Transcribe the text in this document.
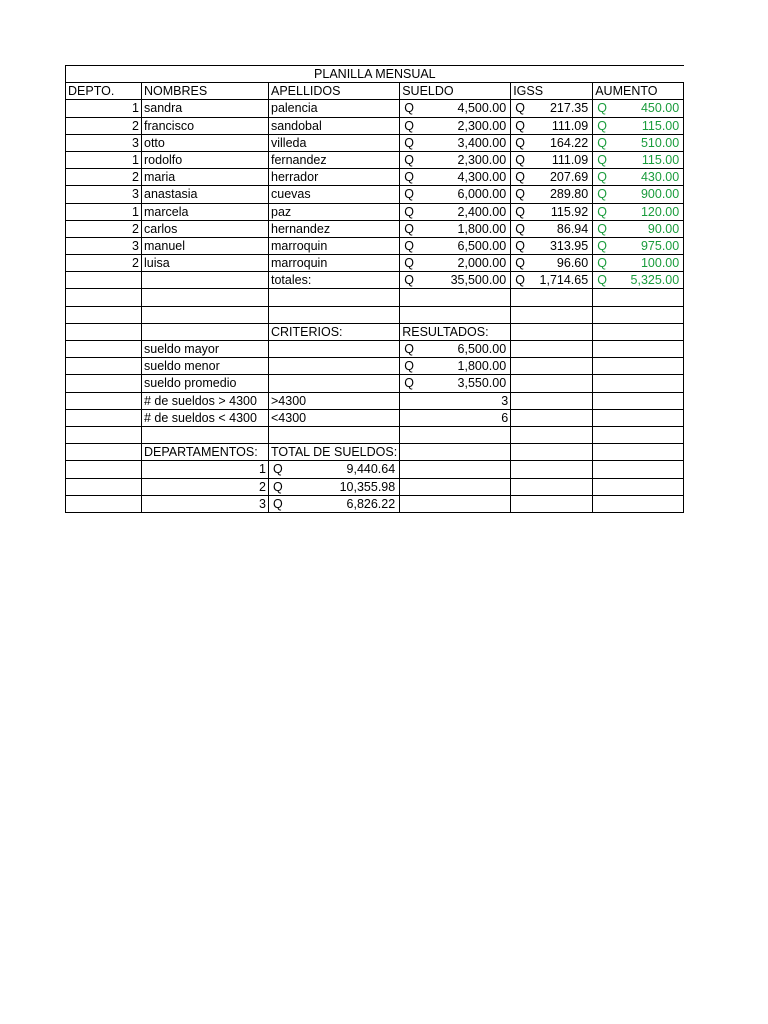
PLANILLA MENSUAL					
DEPTO.	NOMBRES	APELLIDOS	SUELDO	IGSS	AUMENTO
1	sandra	palencia	Q 4,500.00	Q 217.35	Q 450.00

2	francisco	sandobal	Q 2,300.00	Q 111.09	Q 115.00

3	otto	villeda	Q 3,400.00	Q 164.22	Q 510.00

1	rodolfo	fernandez	Q 2,300.00	Q 111.09	Q 115.00

2	maria	herrador	Q 4,300.00	Q 207.69	Q 430.00

3	anastasia	cuevas	Q 6,000.00	Q 289.80	Q 900.00

1	marcela	paz	Q 2,400.00	Q 115.92	Q 120.00

2	carlos	hernandez	Q 1,800.00	Q 86.94	Q 90.00

3	manuel	marroquin	Q 6,500.00	Q 313.95	Q 975.00

2	luisa	marroquin	Q 2,000.00	Q 96.60	Q 100.00

		totales:	Q 35,500.00	Q 1,714.65	Q 5,325.00

		CRITERIOS:	RESULTADOS:		
	sueldo mayor		Q 6,500.00		

	sueldo menor		Q 1,800.00		

	sueldo promedio		Q 3,550.00		

	# de sueldos > 4300	>4300	3		
	# de sueldos < 4300	<4300	6		

	DEPARTAMENTOS:	TOTAL DE SUELDOS:			
	1	Q 9,440.64			

	2	Q 10,355.98			

	3	Q 6,826.22			
